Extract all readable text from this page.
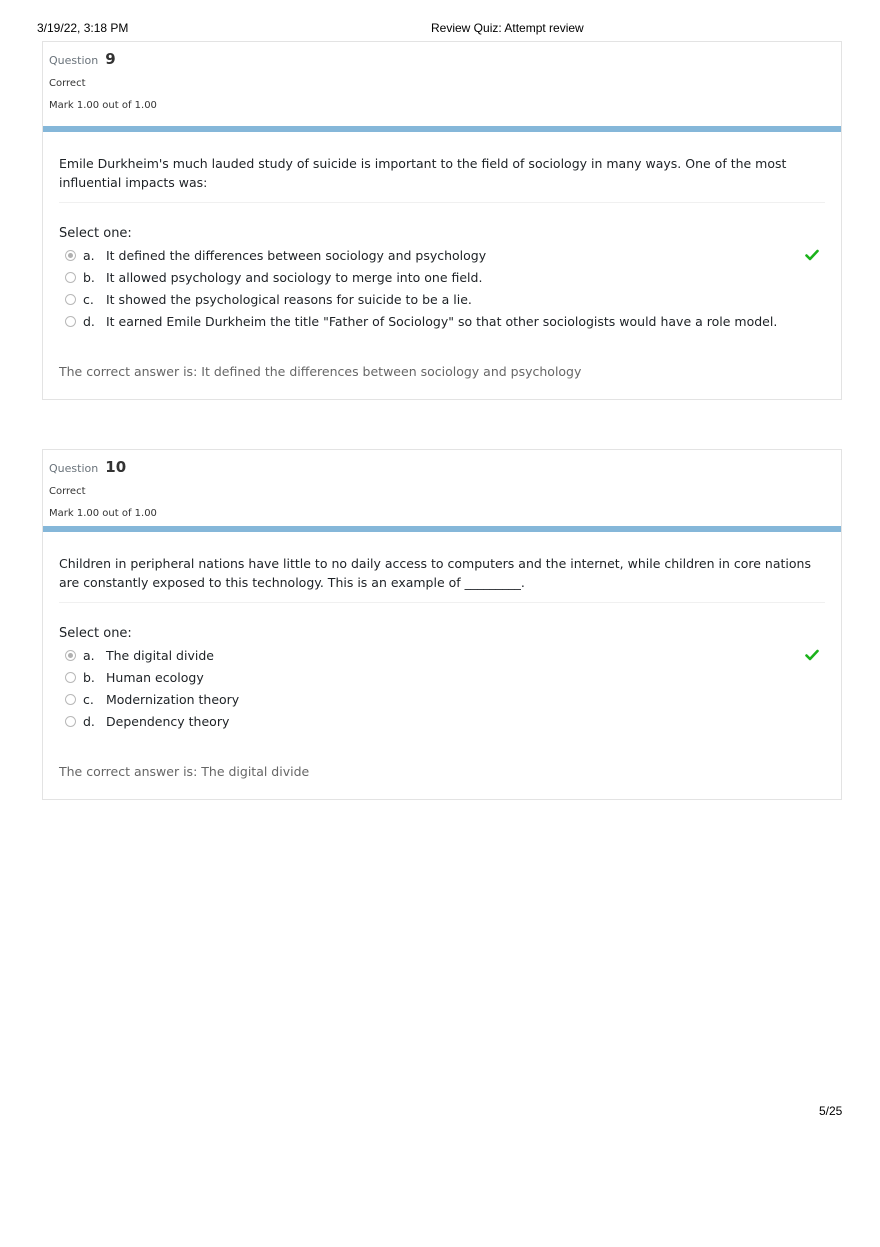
3/19/22, 3:18 PM	Review Quiz: Attempt review
Question 9
Correct
Mark 1.00 out of 1.00
Emile Durkheim's much lauded study of suicide is important to the field of sociology in many ways. One of the most influential impacts was:
Select one:
a. It defined the differences between sociology and psychology
b. It allowed psychology and sociology to merge into one field.
c. It showed the psychological reasons for suicide to be a lie.
d. It earned Emile Durkheim the title "Father of Sociology" so that other sociologists would have a role model.
The correct answer is: It defined the differences between sociology and psychology
Question 10
Correct
Mark 1.00 out of 1.00
Children in peripheral nations have little to no daily access to computers and the internet, while children in core nations are constantly exposed to this technology. This is an example of _________.
Select one:
a. The digital divide
b. Human ecology
c. Modernization theory
d. Dependency theory
The correct answer is: The digital divide
5/25
